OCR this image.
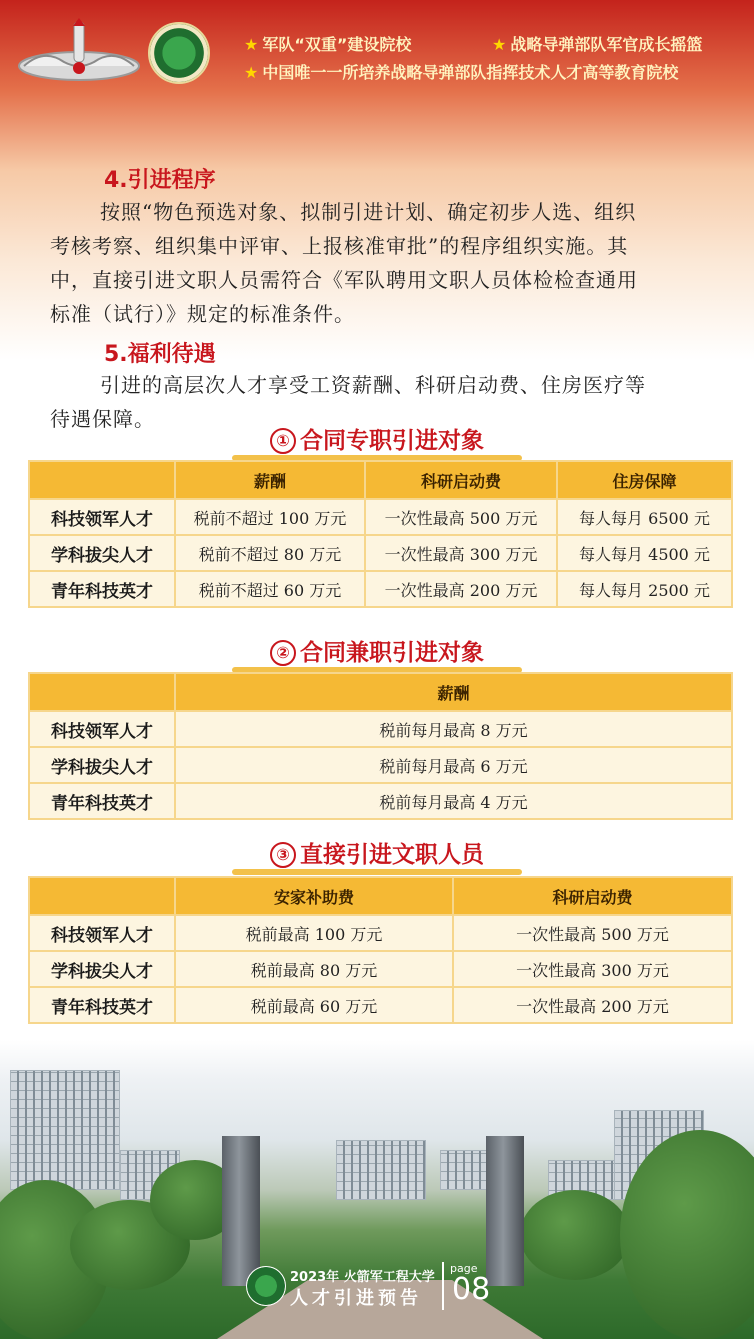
★ 军队“双重”建设院校	★ 战略导弹部队军官成长摇篮
★ 中国唯一一所培养战略导弹部队指挥技术人才高等教育院校
4.引进程序
按照“物色预选对象、拟制引进计划、确定初步人选、组织
考核考察、组织集中评审、上报核准审批”的程序组织实施。其
中，直接引进文职人员需符合《军队聘用文职人员体检检查通用
标准（试行）》规定的标准条件。
5.福利待遇
引进的高层次人才享受工资薪酬、科研启动费、住房医疗等
待遇保障。
① 合同专职引进对象
	薪酬	科研启动费	住房保障
科技领军人才	税前不超过 100 万元	一次性最高 500 万元	每人每月 6500 元
学科拔尖人才	税前不超过 80 万元	一次性最高 300 万元	每人每月 4500 元
青年科技英才	税前不超过 60 万元	一次性最高 200 万元	每人每月 2500 元
② 合同兼职引进对象
	薪酬
科技领军人才	税前每月最高 8 万元
学科拔尖人才	税前每月最高 6 万元
青年科技英才	税前每月最高 4 万元
③ 直接引进文职人员
	安家补助费	科研启动费
科技领军人才	税前最高 100 万元	一次性最高 500 万元
学科拔尖人才	税前最高 80 万元	一次性最高 300 万元
青年科技英才	税前最高 60 万元	一次性最高 200 万元
2023年 火箭军工程大学
人才引进预告
page
08
